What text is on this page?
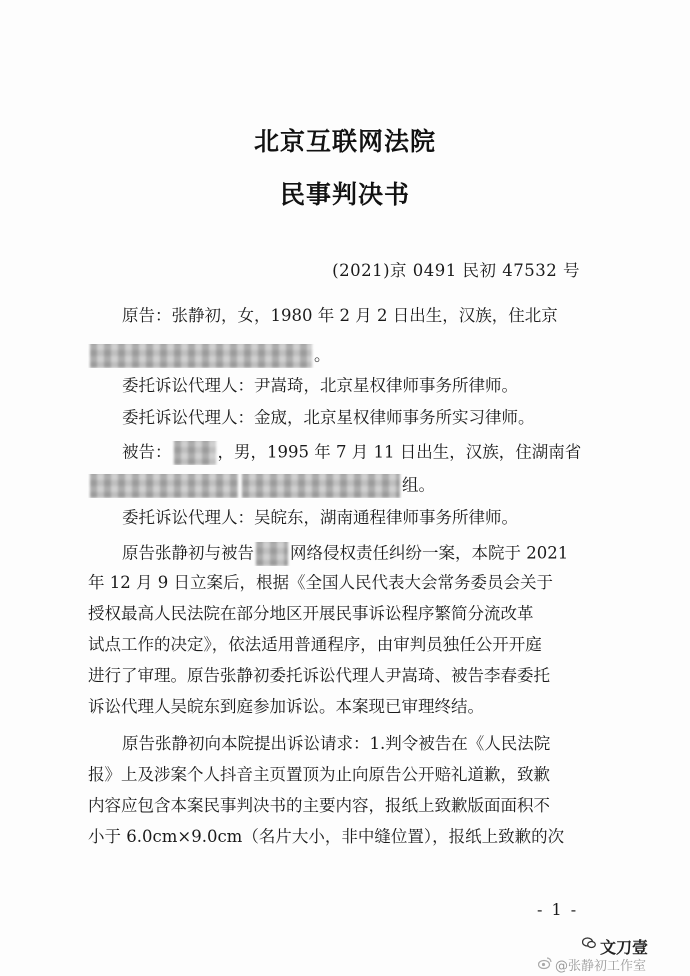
北京互联网法院
民事判决书
(2021)京 0491 民初 47532 号
原告：张静初，女，1980 年 2 月 2 日出生，汉族，住北京
。
委托诉讼代理人：尹嵩琦，北京星权律师事务所律师。
委托诉讼代理人：金宬，北京星权律师事务所实习律师。
被告：	，男，1995 年 7 月 11 日出生，汉族，住湖南省
组。
委托诉讼代理人：吴皖东，湖南通程律师事务所律师。
原告张静初与被告 网络侵权责任纠纷一案，本院于 2021
年 12 月 9 日立案后，根据《全国人民代表大会常务委员会关于
授权最高人民法院在部分地区开展民事诉讼程序繁简分流改革
试点工作的决定》，依法适用普通程序，由审判员独任公开开庭
进行了审理。原告张静初委托诉讼代理人尹嵩琦、被告李春委托
诉讼代理人吴皖东到庭参加诉讼。本案现已审理终结。
原告张静初向本院提出诉讼请求：1.判令被告在《人民法院
报》上及涉案个人抖音主页置顶为止向原告公开赔礼道歉，致歉
内容应包含本案民事判决书的主要内容，报纸上致歉版面面积不
小于 6.0cm×9.0cm（名片大小，非中缝位置），报纸上致歉的次
- 1 -
文刀壹
@张静初工作室
